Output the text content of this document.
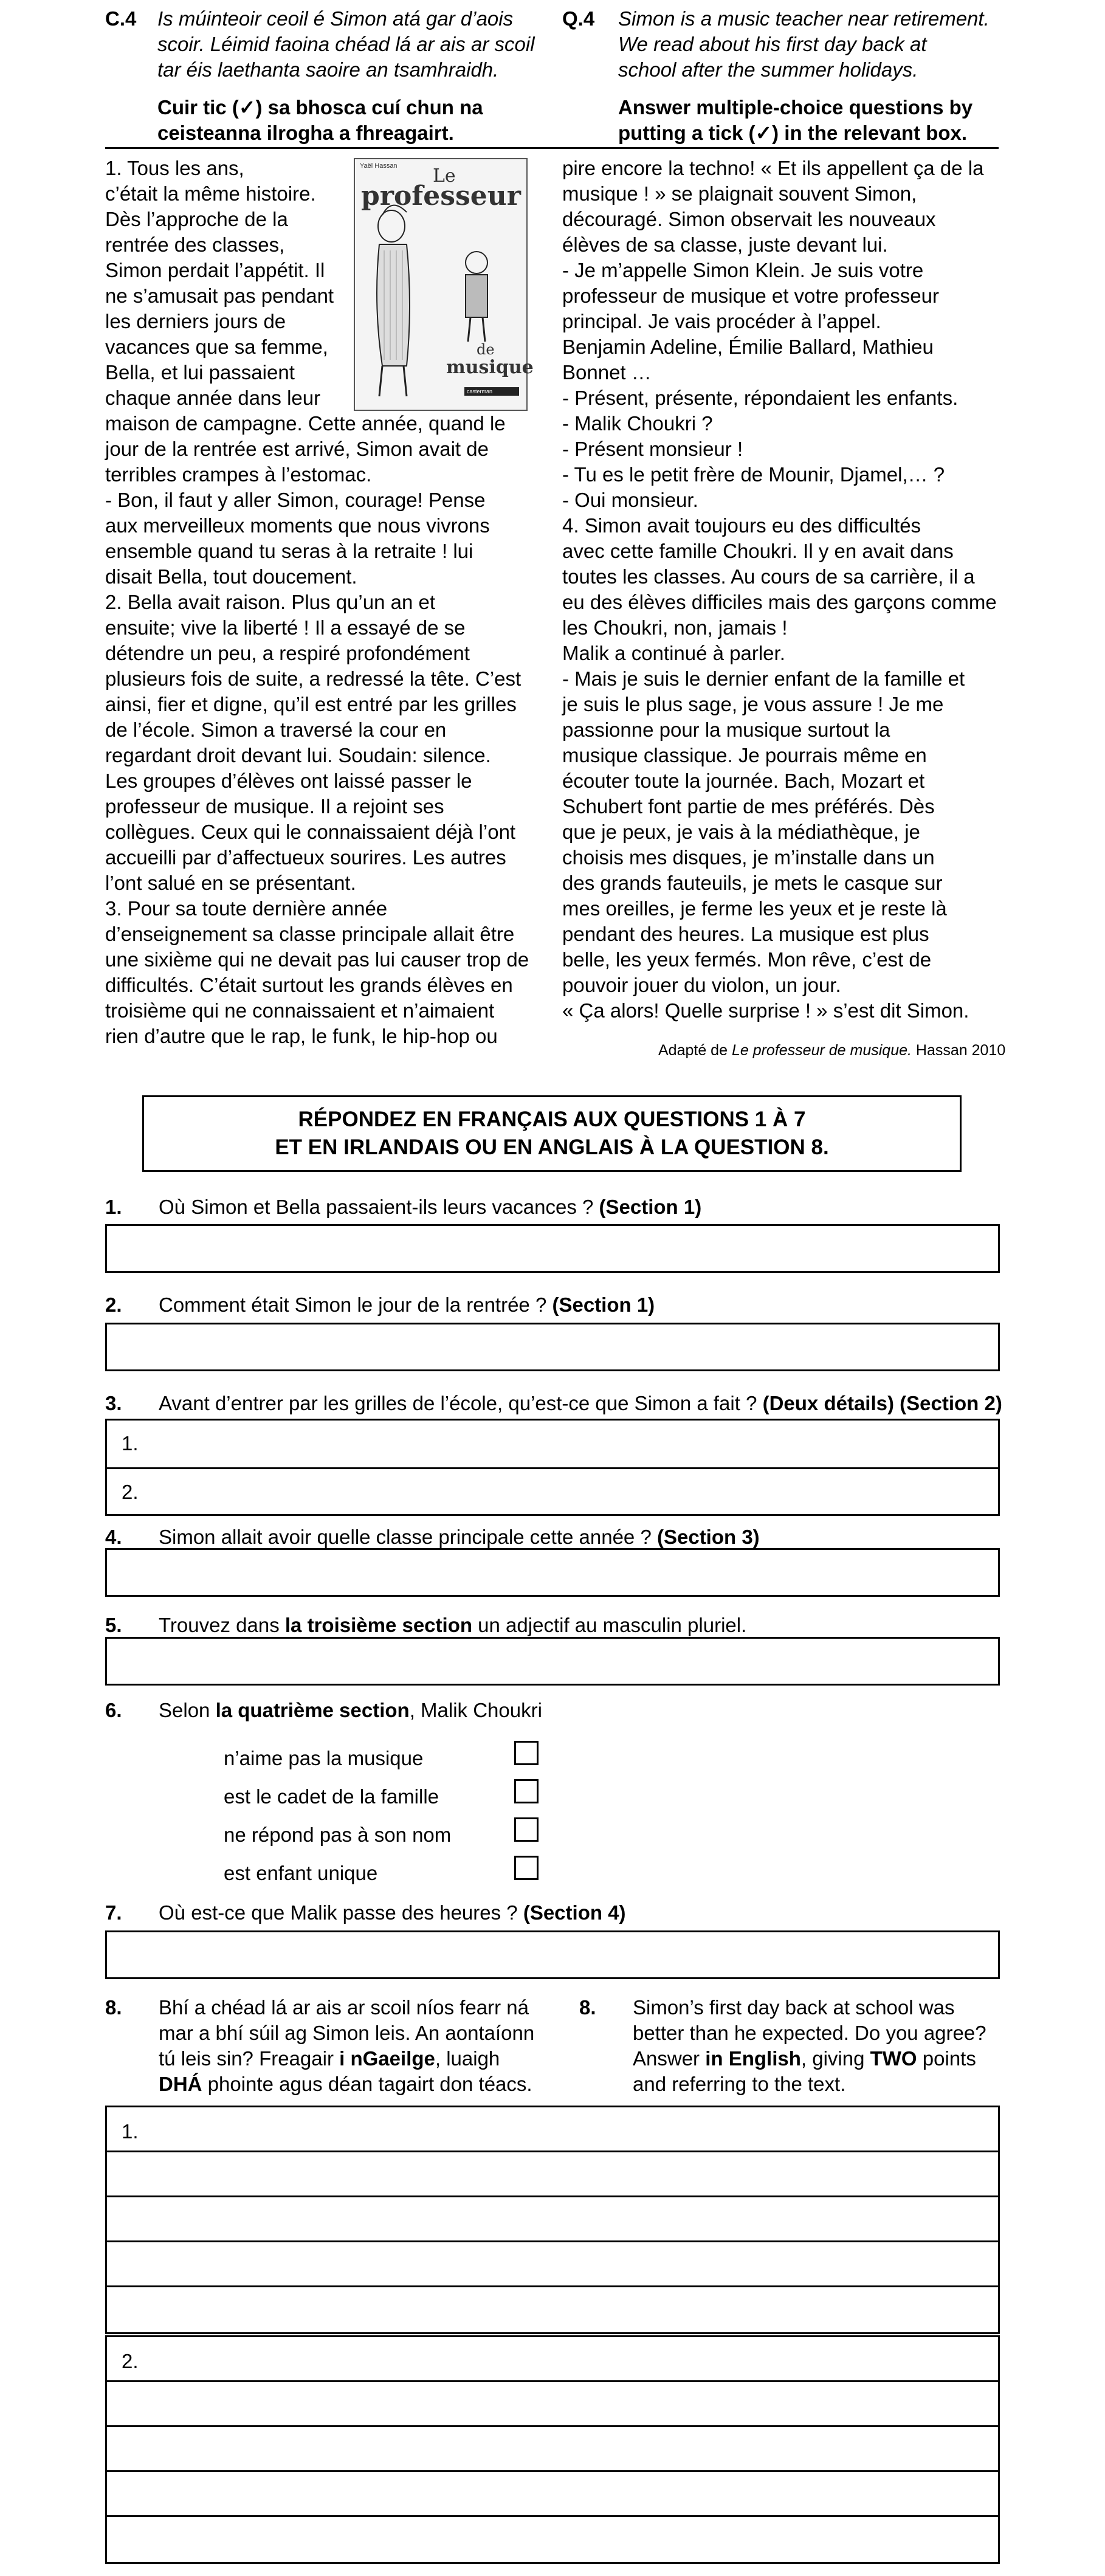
C.4 Is múinteoir ceoil é Simon atá gar d’aois
scoir. Léimid faoina chéad lá ar ais ar scoil
tar éis laethanta saoire an tsamhraidh.
Cuir tic (✓) sa bhosca cuí chun na
ceisteanna ilrogha a fhreagairt.
Q.4 Simon is a music teacher near retirement.
We read about his first day back at
school after the summer holidays.
Answer multiple-choice questions by
putting a tick (✓) in the relevant box.
Yaël Hassan Le
professeur
de
musique
casterman
1. Tous les ans,
c’était la même histoire.
Dès l’approche de la
rentrée des classes,
Simon perdait l’appétit. Il
ne s’amusait pas pendant
les derniers jours de
vacances que sa femme,
Bella, et lui passaient
chaque année dans leur
maison de campagne. Cette année, quand le
jour de la rentrée est arrivé, Simon avait de
terribles crampes à l’estomac.
- Bon, il faut y aller Simon, courage! Pense
aux merveilleux moments que nous vivrons
ensemble quand tu seras à la retraite ! lui
disait Bella, tout doucement.
2. Bella avait raison. Plus qu’un an et
ensuite; vive la liberté ! Il a essayé de se
détendre un peu, a respiré profondément
plusieurs fois de suite, a redressé la tête. C’est
ainsi, fier et digne, qu’il est entré par les grilles
de l’école. Simon a traversé la cour en
regardant droit devant lui. Soudain: silence.
Les groupes d’élèves ont laissé passer le
professeur de musique. Il a rejoint ses
collègues. Ceux qui le connaissaient déjà l’ont
accueilli par d’affectueux sourires. Les autres
l’ont salué en se présentant.
3. Pour sa toute dernière année
d’enseignement sa classe principale allait être
une sixième qui ne devait pas lui causer trop de
difficultés. C’était surtout les grands élèves en
troisième qui ne connaissaient et n’aimaient
rien d’autre que le rap, le funk, le hip-hop ou
pire encore la techno! « Et ils appellent ça de la
musique ! » se plaignait souvent Simon,
découragé. Simon observait les nouveaux
élèves de sa classe, juste devant lui.
- Je m’appelle Simon Klein. Je suis votre
professeur de musique et votre professeur
principal. Je vais procéder à l’appel.
Benjamin Adeline, Émilie Ballard, Mathieu
Bonnet …
- Présent, présente, répondaient les enfants.
- Malik Choukri ?
- Présent monsieur !
- Tu es le petit frère de Mounir, Djamel,… ?
- Oui monsieur.
4. Simon avait toujours eu des difficultés
avec cette famille Choukri. Il y en avait dans
toutes les classes. Au cours de sa carrière, il a
eu des élèves difficiles mais des garçons comme
les Choukri, non, jamais !
Malik a continué à parler.
- Mais je suis le dernier enfant de la famille et
je suis le plus sage, je vous assure ! Je me
passionne pour la musique surtout la
musique classique. Je pourrais même en
écouter toute la journée. Bach, Mozart et
Schubert font partie de mes préférés. Dès
que je peux, je vais à la médiathèque, je
choisis mes disques, je m’installe dans un
des grands fauteuils, je mets le casque sur
mes oreilles, je ferme les yeux et je reste là
pendant des heures. La musique est plus
belle, les yeux fermés. Mon rêve, c’est de
pouvoir jouer du violon, un jour.
« Ça alors! Quelle surprise ! » s’est dit Simon.
Adapté de Le professeur de musique. Hassan 2010
RÉPONDEZ EN FRANÇAIS AUX QUESTIONS 1 À 7
ET EN IRLANDAIS OU EN ANGLAIS À LA QUESTION 8.
1. Où Simon et Bella passaient-ils leurs vacances ? (Section 1)
2. Comment était Simon le jour de la rentrée ? (Section 1)
3. Avant d’entrer par les grilles de l’école, qu’est-ce que Simon a fait ? (Deux détails) (Section 2)
1.
2.
4. Simon allait avoir quelle classe principale cette année ? (Section 3)
5. Trouvez dans la troisième section un adjectif au masculin pluriel.
6. Selon la quatrième section, Malik Choukri
n’aime pas la musique
est le cadet de la famille
ne répond pas à son nom
est enfant unique
7. Où est-ce que Malik passe des heures ? (Section 4)
8. Bhí a chéad lá ar ais ar scoil níos fearr ná
mar a bhí súil ag Simon leis. An aontaíonn
tú leis sin? Freagair i nGaeilge, luaigh
DHÁ phointe agus déan tagairt don téacs.
8. Simon’s first day back at school was
better than he expected. Do you agree?
Answer in English, giving TWO points
and referring to the text.
1.
2.
